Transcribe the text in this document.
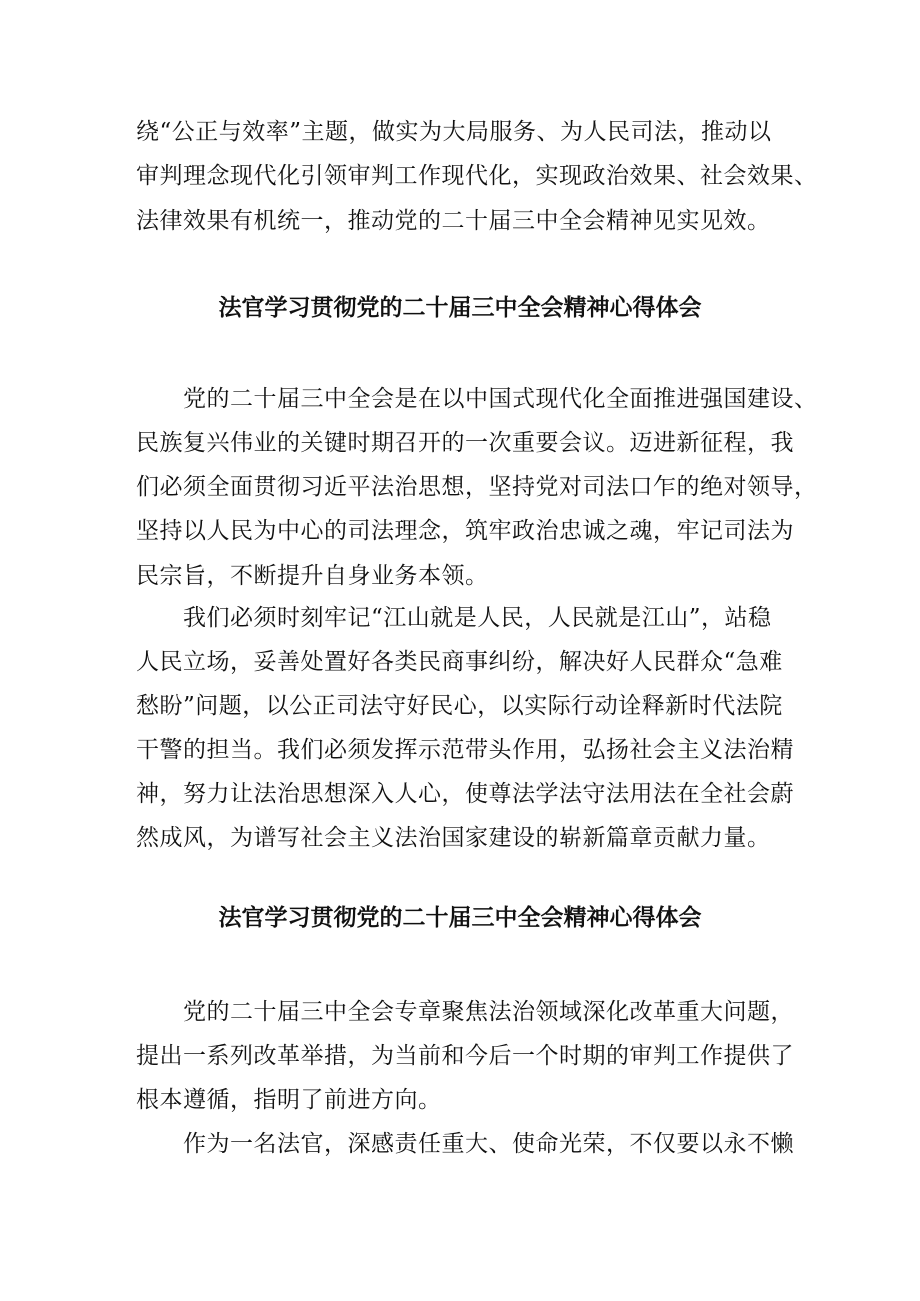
绕“公正与效率”主题，做实为大局服务、为人民司法，推动以
审判理念现代化引领审判工作现代化，实现政治效果、社会效果、
法律效果有机统一，推动党的二十届三中全会精神见实见效。
法官学习贯彻党的二十届三中全会精神心得体会
党的二十届三中全会是在以中国式现代化全面推进强国建设、
民族复兴伟业的关键时期召开的一次重要会议。迈进新征程，我
们必须全面贯彻习近平法治思想，坚持党对司法口乍的绝对领导，
坚持以人民为中心的司法理念，筑牢政治忠诚之魂，牢记司法为
民宗旨，不断提升自身业务本领。
我们必须时刻牢记“江山就是人民，人民就是江山”，站稳
人民立场，妥善处置好各类民商事纠纷，解决好人民群众“急难
愁盼”问题，以公正司法守好民心，以实际行动诠释新时代法院
干警的担当。我们必须发挥示范带头作用，弘扬社会主义法治精
神，努力让法治思想深入人心，使尊法学法守法用法在全社会蔚
然成风，为谱写社会主义法治国家建设的崭新篇章贡献力量。
法官学习贯彻党的二十届三中全会精神心得体会
党的二十届三中全会专章聚焦法治领域深化改革重大问题，
提出一系列改革举措，为当前和今后一个时期的审判工作提供了
根本遵循，指明了前进方向。
作为一名法官，深感责任重大、使命光荣，不仅要以永不懒
